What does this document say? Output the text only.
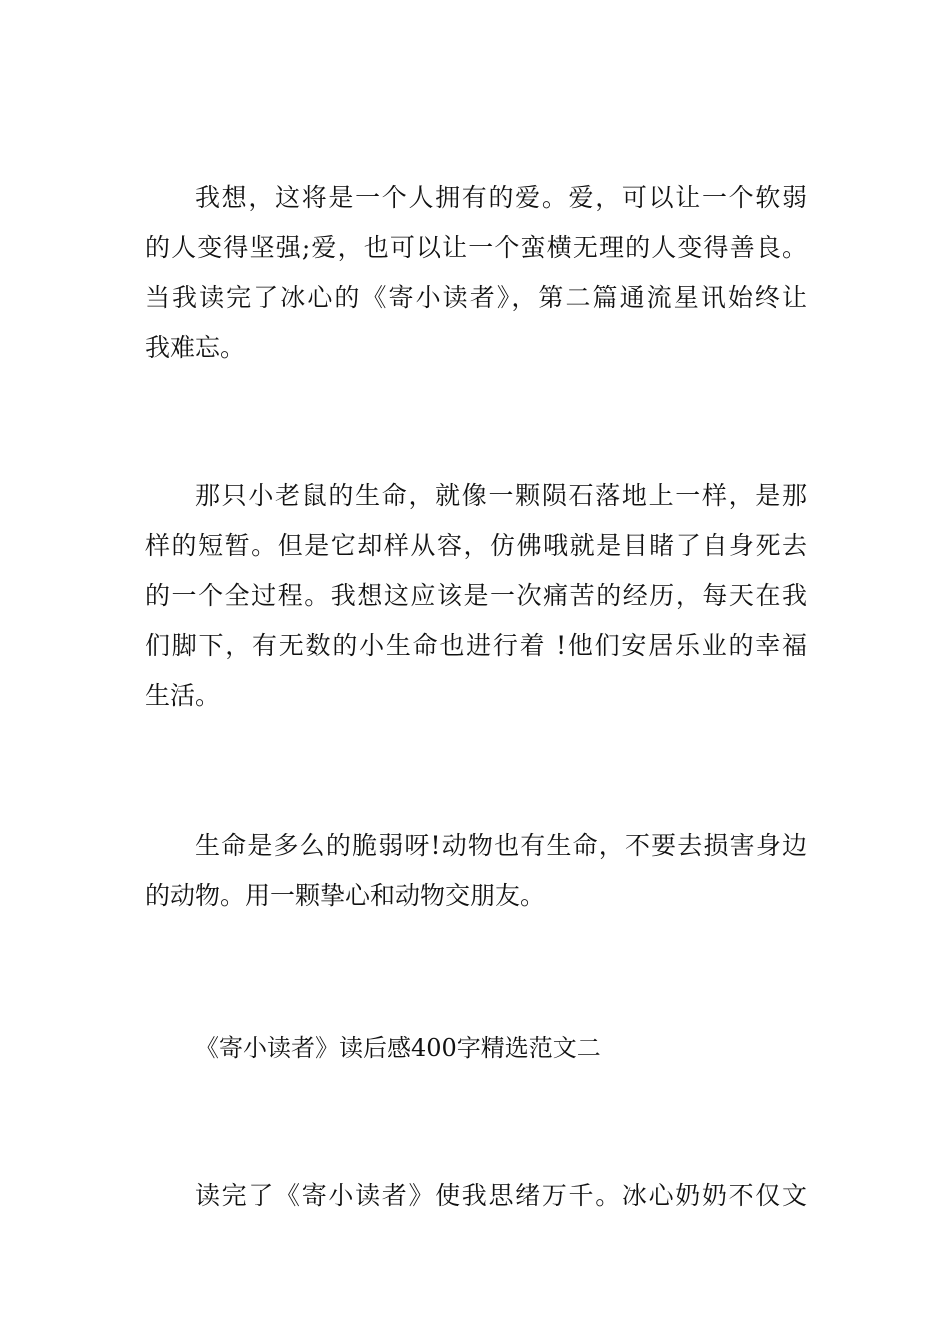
我想，这将是一个人拥有的爱。爱，可以让一个软弱
的人变得坚强;爱，也可以让一个蛮横无理的人变得善良。
当我读完了冰心的《寄小读者》，第二篇通流星讯始终让
我难忘。
那只小老鼠的生命，就像一颗陨石落地上一样，是那
样的短暂。但是它却样从容，仿佛哦就是目睹了自身死去
的一个全过程。我想这应该是一次痛苦的经历，每天在我
们脚下，有无数的小生命也进行着 !他们安居乐业的幸福
生活。
生命是多么的脆弱呀!动物也有生命，不要去损害身边
的动物。用一颗挚心和动物交朋友。
《寄小读者》读后感400字精选范文二
读完了《寄小读者》使我思绪万千。冰心奶奶不仅文
